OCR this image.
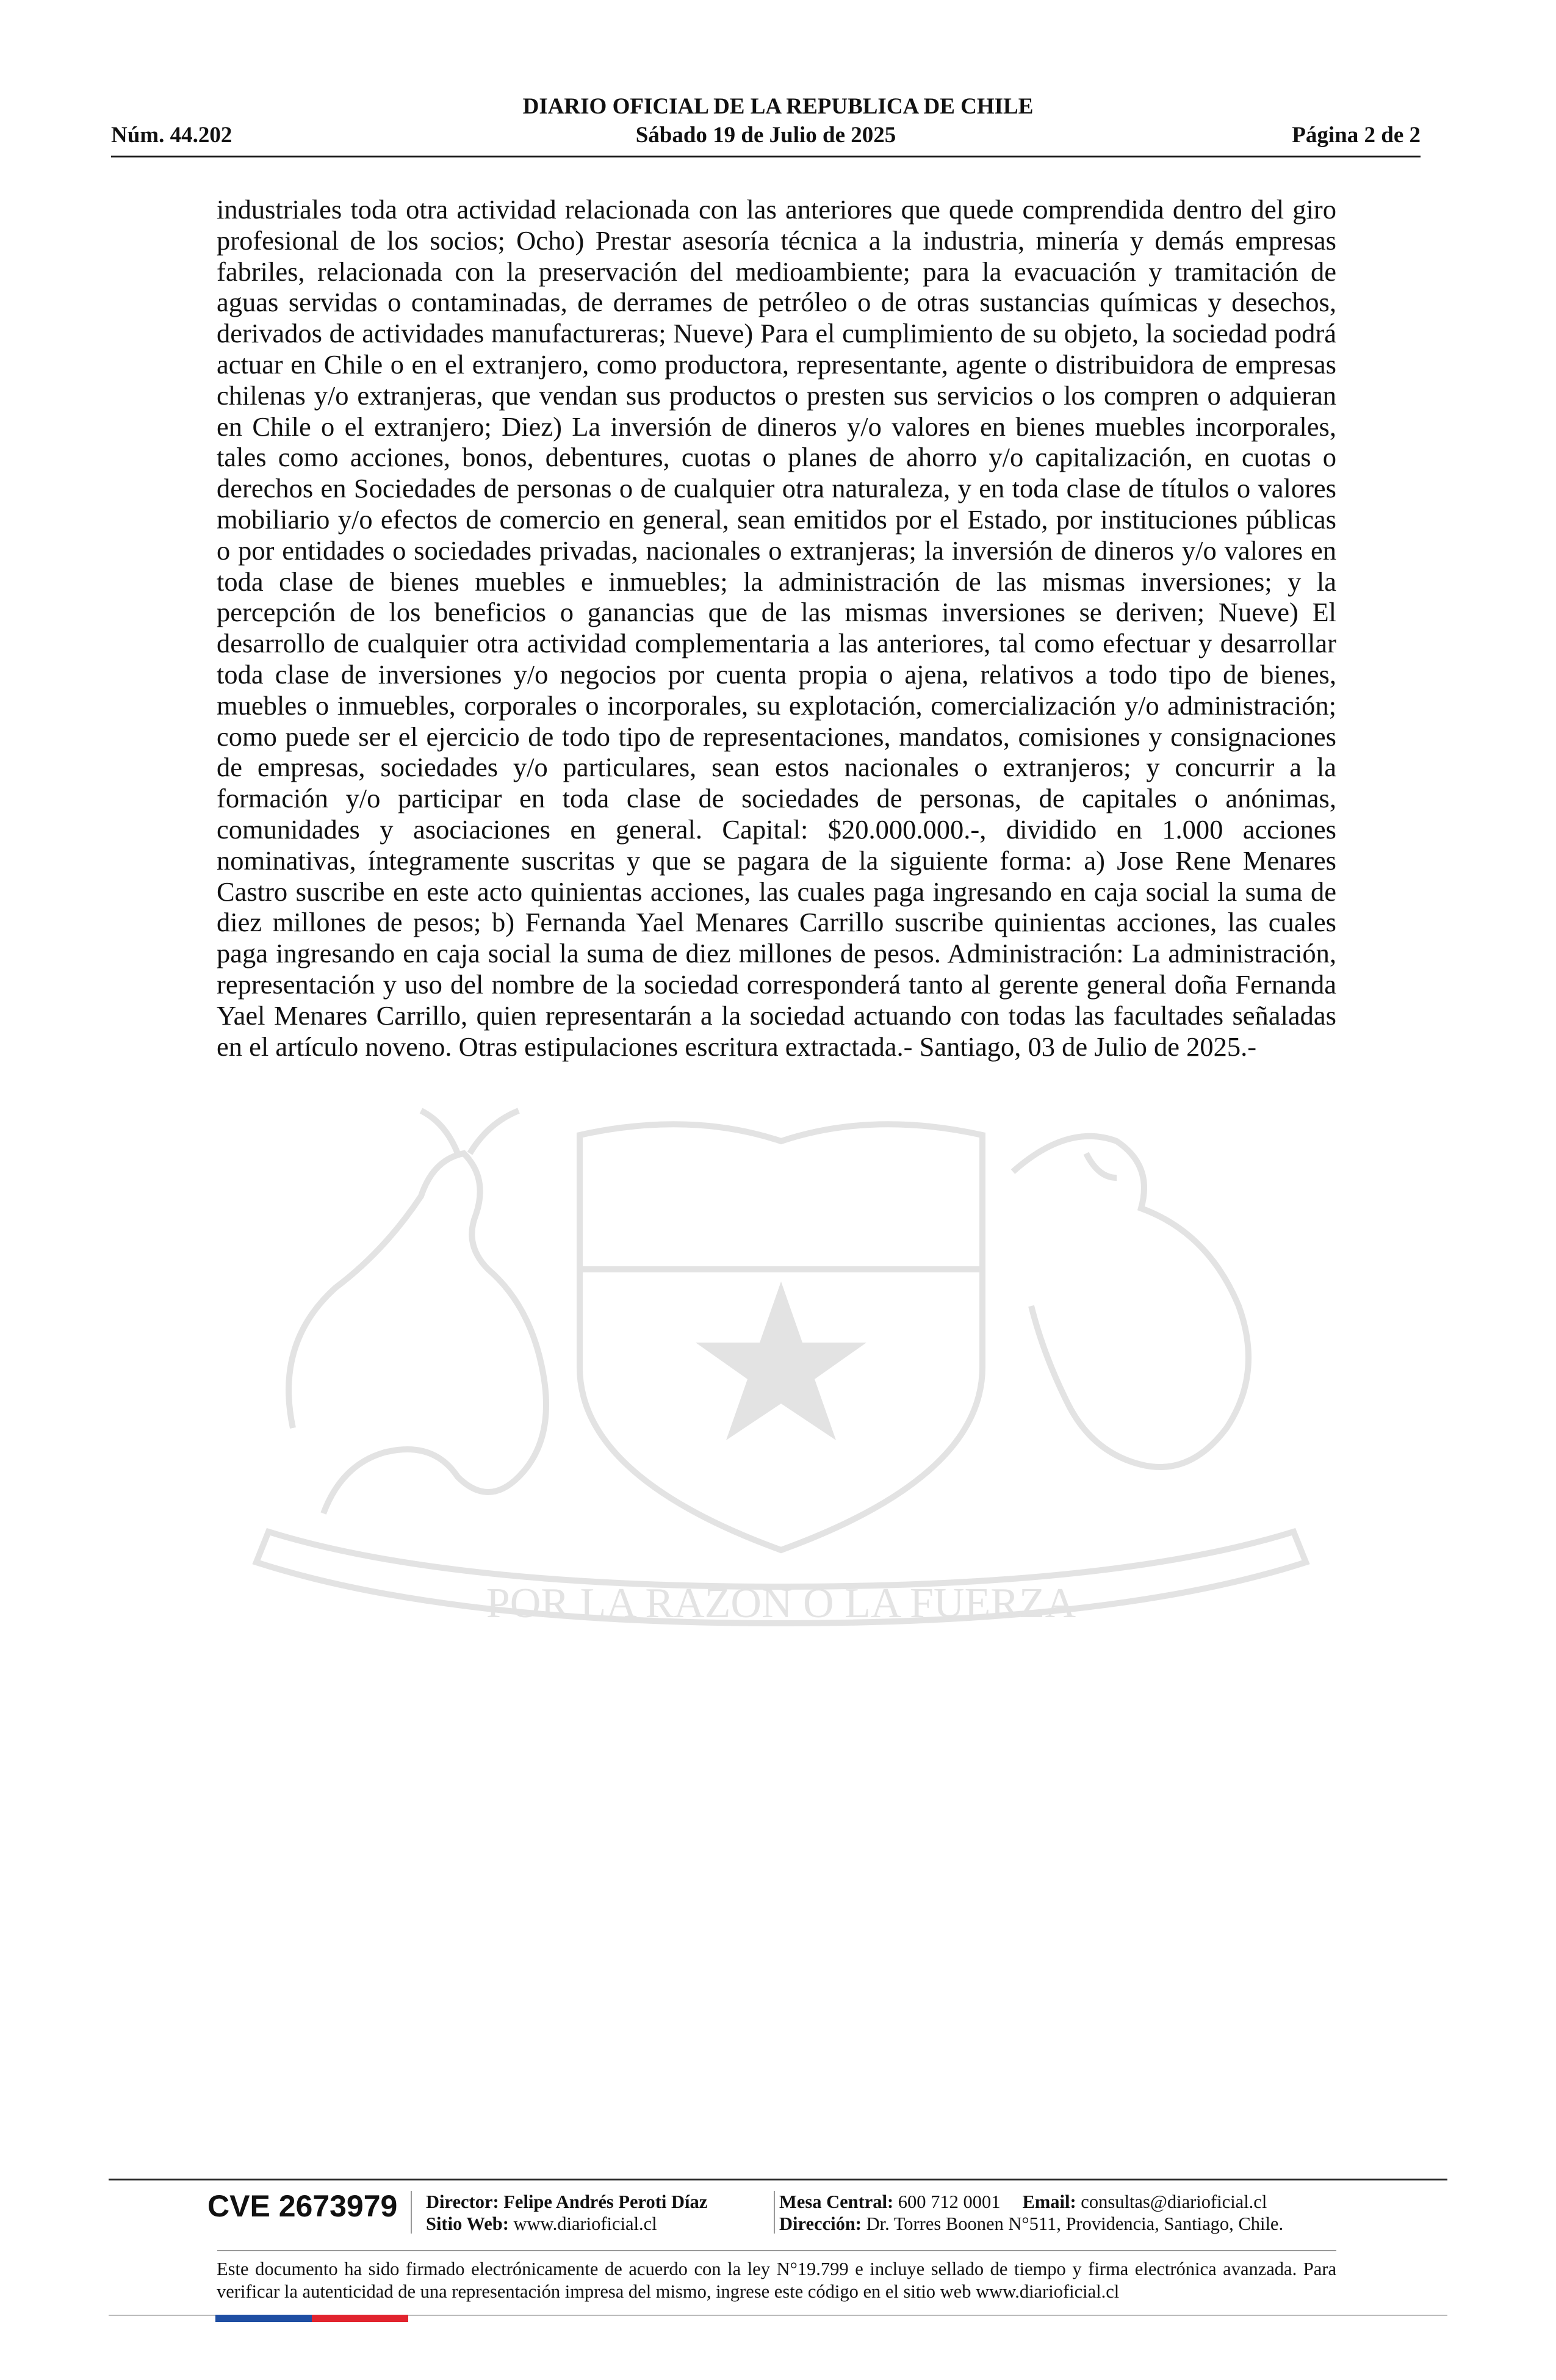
DIARIO OFICIAL DE LA REPUBLICA DE CHILE
Núm. 44.202	Sábado 19 de Julio de 2025	Página 2 de 2
POR LA RAZON O LA FUERZA

industriales toda otra actividad relacionada con las anteriores que quede comprendida dentro del giro profesional de los socios; Ocho) Prestar asesoría técnica a la industria, minería y demás empresas fabriles, relacionada con la preservación del medioambiente; para la evacuación y tramitación de aguas servidas o contaminadas, de derrames de petróleo o de otras sustancias químicas y desechos, derivados de actividades manufactureras; Nueve) Para el cumplimiento de su objeto, la sociedad podrá actuar en Chile o en el extranjero, como productora, representante, agente o distribuidora de empresas chilenas y/o extranjeras, que vendan sus productos o presten sus servicios o los compren o adquieran en Chile o el extranjero; Diez) La inversión de dineros y/o valores en bienes muebles incorporales, tales como acciones, bonos, debentures, cuotas o planes de ahorro y/o capitalización, en cuotas o derechos en Sociedades de personas o de cualquier otra naturaleza, y en toda clase de títulos o valores mobiliario y/o efectos de comercio en general, sean emitidos por el Estado, por instituciones públicas o por entidades o sociedades privadas, nacionales o extranjeras; la inversión de dineros y/o valores en toda clase de bienes muebles e inmuebles; la administración de las mismas inversiones; y la percepción de los beneficios o ganancias que de las mismas inversiones se deriven; Nueve) El desarrollo de cualquier otra actividad complementaria a las anteriores, tal como efectuar y desarrollar toda clase de inversiones y/o negocios por cuenta propia o ajena, relativos a todo tipo de bienes, muebles o inmuebles, corporales o incorporales, su explotación, comercialización y/o administración; como puede ser el ejercicio de todo tipo de representaciones, mandatos, comisiones y consignaciones de empresas, sociedades y/o particulares, sean estos nacionales o extranjeros; y concurrir a la formación y/o participar en toda clase de sociedades de personas, de capitales o anónimas, comunidades y asociaciones en general. Capital: $20.000.000.-, dividido en 1.000 acciones nominativas, íntegramente suscritas y que se pagara de la siguiente forma: a) Jose Rene Menares Castro suscribe en este acto quinientas acciones, las cuales paga ingresando en caja social la suma de diez millones de pesos; b) Fernanda Yael Menares Carrillo suscribe quinientas acciones, las cuales paga ingresando en caja social la suma de diez millones de pesos. Administración: La administración, representación y uso del nombre de la sociedad corresponderá tanto al gerente general doña Fernanda Yael Menares Carrillo, quien representarán a la sociedad actuando con todas las facultades señaladas en el artículo noveno. Otras estipulaciones escritura extractada.- Santiago, 03 de Julio de 2025.-

CVE 2673979 Director: Felipe Andrés Peroti Díaz
Sitio Web: www.diarioficial.cl
Mesa Central: 600 712 0001 Email: consultas@diarioficial.cl
Dirección: Dr. Torres Boonen N°511, Providencia, Santiago, Chile.

Este documento ha sido firmado electrónicamente de acuerdo con la ley N°19.799 e incluye sellado de tiempo y firma electrónica avanzada. Para verificar la autenticidad de una representación impresa del mismo, ingrese este código en el sitio web www.diarioficial.cl
